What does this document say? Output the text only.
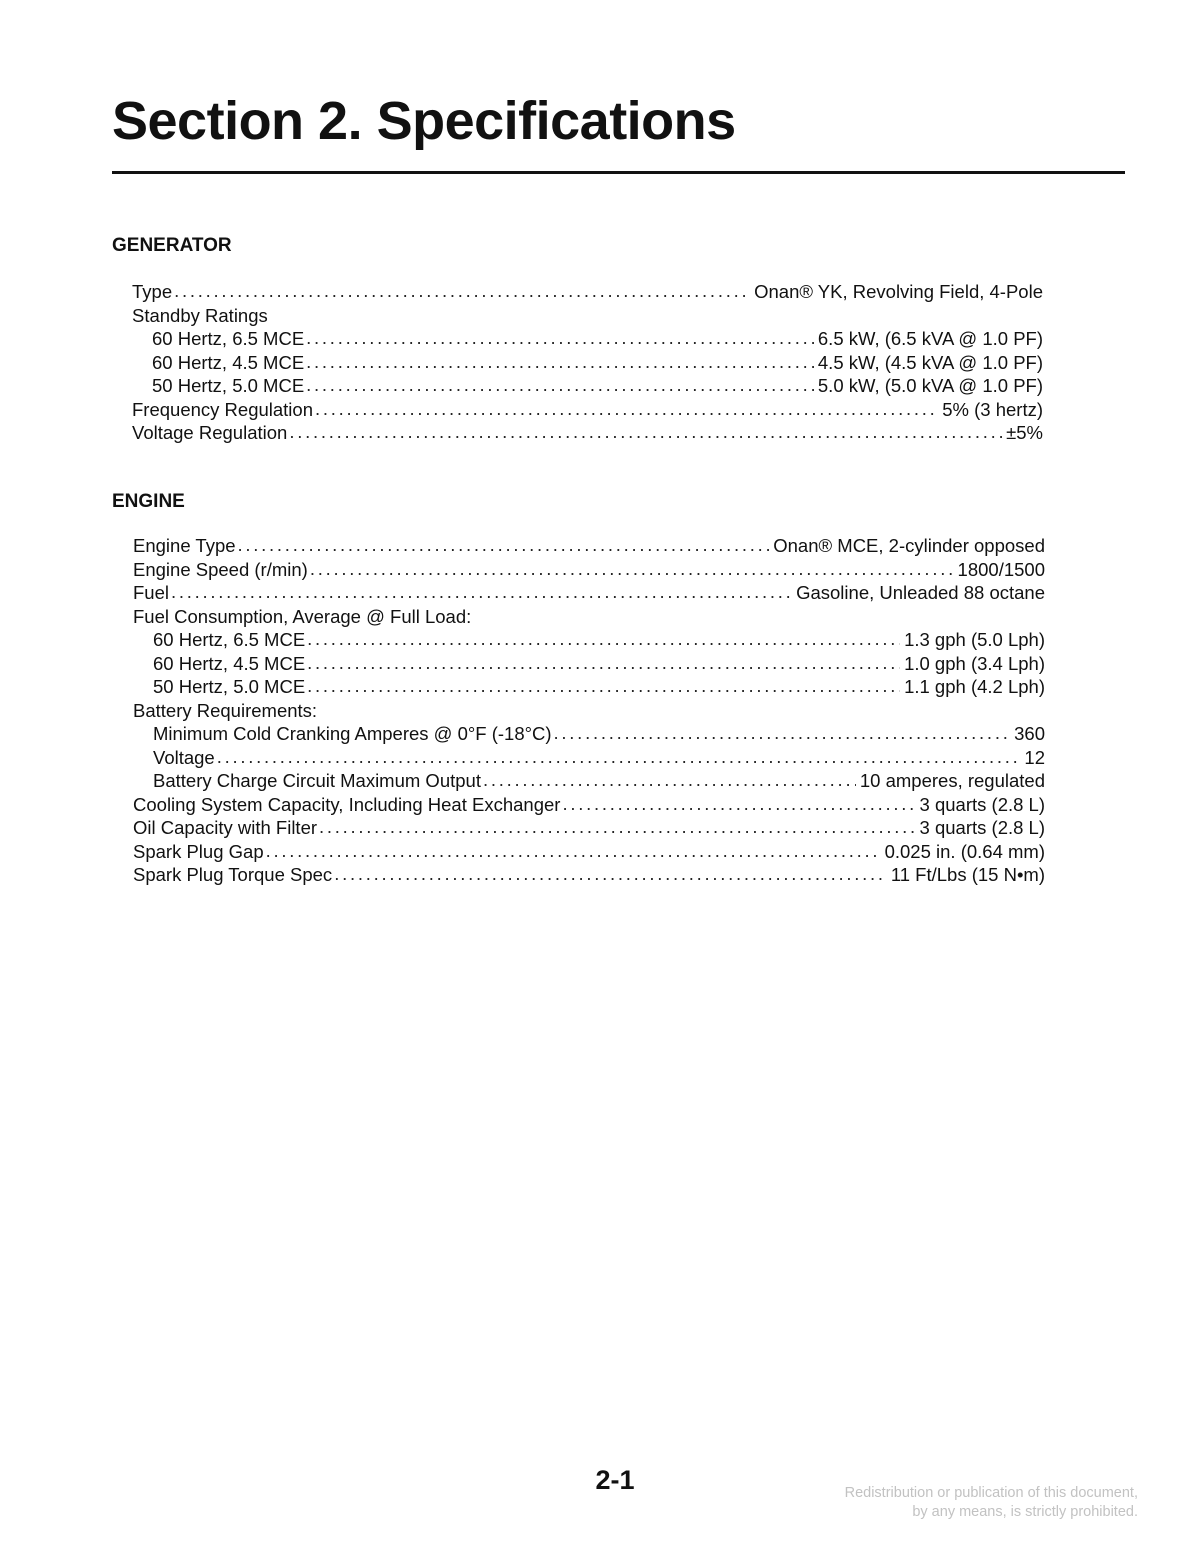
Section 2. Specifications
GENERATOR
Type . . .	Onan® YK, Revolving Field, 4-Pole
Standby Ratings
60 Hertz, 6.5 MCE . . .	6.5 kW, (6.5 kVA @ 1.0 PF)
60 Hertz, 4.5 MCE . . .	4.5 kW, (4.5 kVA @ 1.0 PF)
50 Hertz, 5.0 MCE . . .	5.0 kW, (5.0 kVA @ 1.0 PF)
Frequency Regulation . . .	5% (3 hertz)
Voltage Regulation . . .	±5%
ENGINE
Engine Type . . .	Onan® MCE, 2-cylinder opposed
Engine Speed (r/min) . . .	1800/1500
Fuel . . .	Gasoline, Unleaded 88 octane
Fuel Consumption, Average @ Full Load:
60 Hertz, 6.5 MCE . . .	1.3 gph (5.0 Lph)
60 Hertz, 4.5 MCE . . .	1.0 gph (3.4 Lph)
50 Hertz, 5.0 MCE . . .	1.1 gph (4.2 Lph)
Battery Requirements:
Minimum Cold Cranking Amperes @ 0°F (-18°C) . . .	360
Voltage . . .	12
Battery Charge Circuit Maximum Output . . .	10 amperes, regulated
Cooling System Capacity, Including Heat Exchanger . . .	3 quarts (2.8 L)
Oil Capacity with Filter . . .	3 quarts (2.8 L)
Spark Plug Gap . . .	0.025 in. (0.64 mm)
Spark Plug Torque Spec . . .	11 Ft/Lbs (15 N•m)
2-1	Redistribution or publication of this document,
by any means, is strictly prohibited.
